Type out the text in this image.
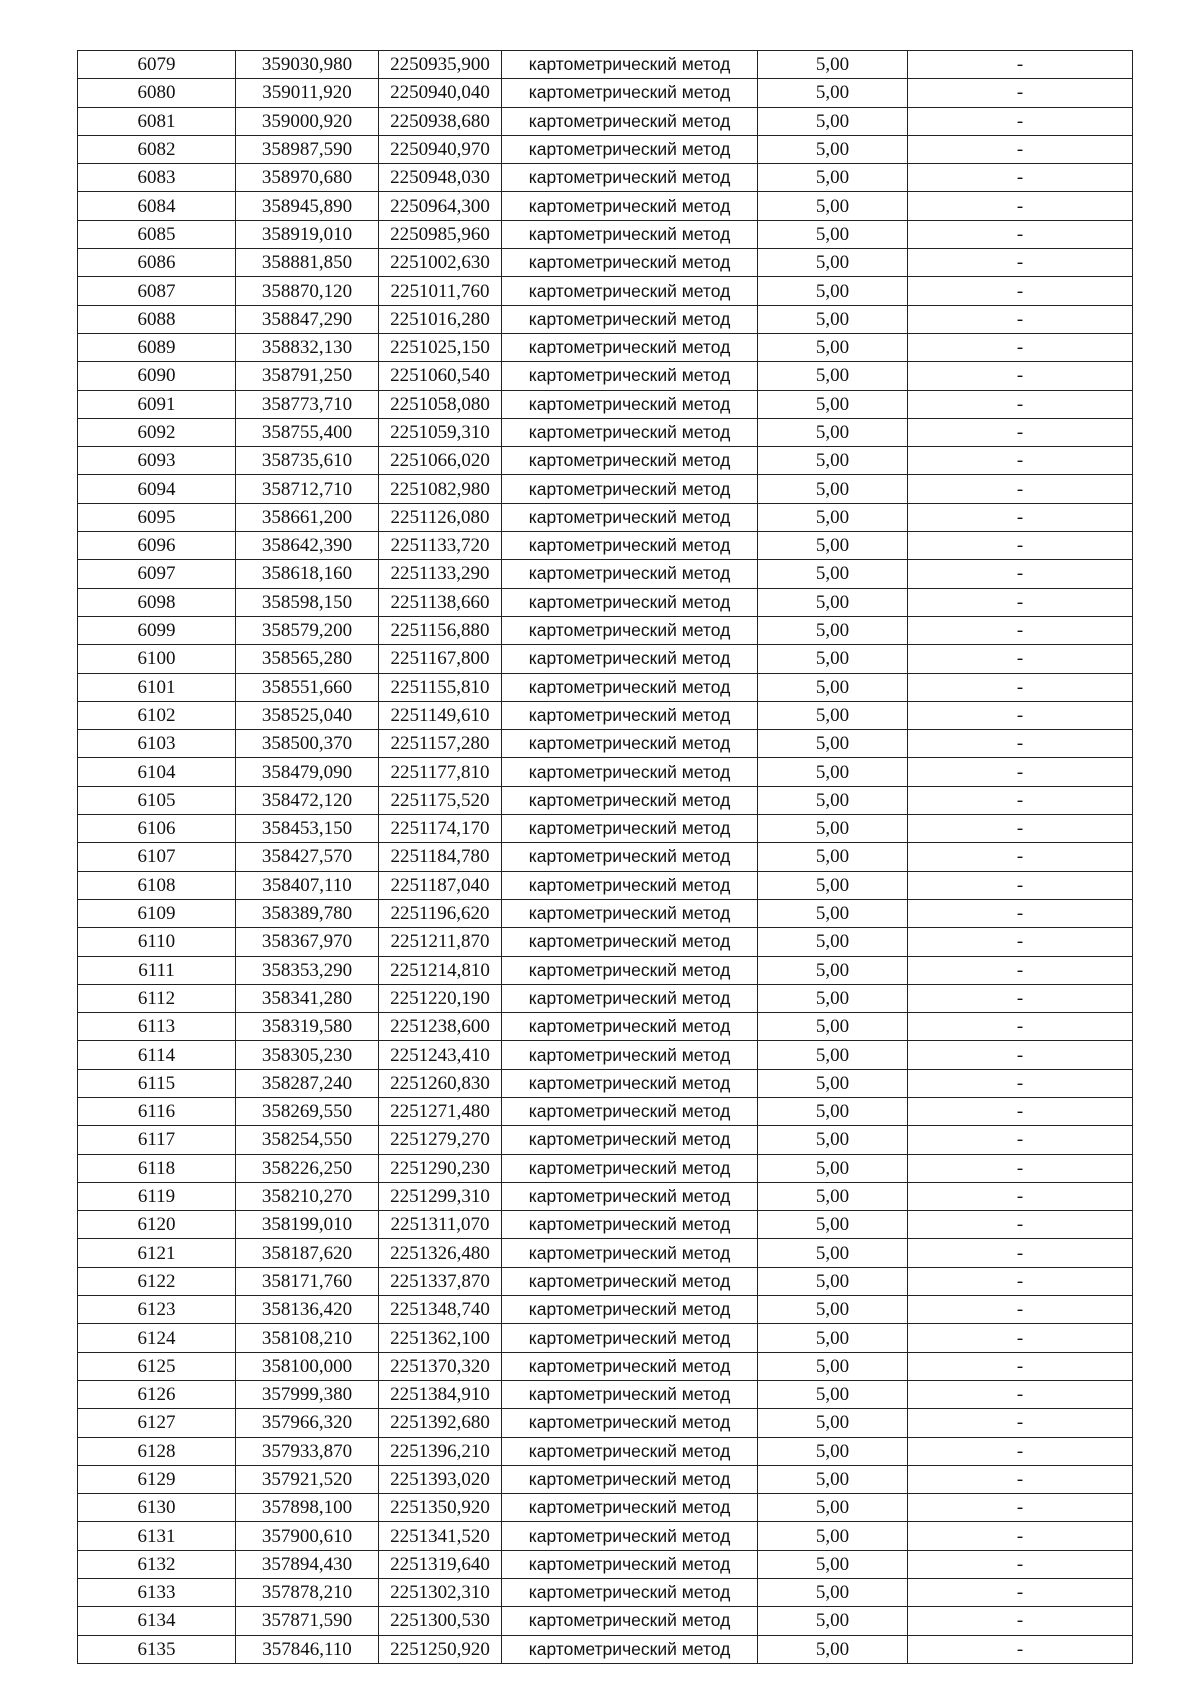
6079	359030,980	2250935,900	картометрический метод	5,00	-
6080	359011,920	2250940,040	картометрический метод	5,00	-
6081	359000,920	2250938,680	картометрический метод	5,00	-
6082	358987,590	2250940,970	картометрический метод	5,00	-
6083	358970,680	2250948,030	картометрический метод	5,00	-
6084	358945,890	2250964,300	картометрический метод	5,00	-
6085	358919,010	2250985,960	картометрический метод	5,00	-
6086	358881,850	2251002,630	картометрический метод	5,00	-
6087	358870,120	2251011,760	картометрический метод	5,00	-
6088	358847,290	2251016,280	картометрический метод	5,00	-
6089	358832,130	2251025,150	картометрический метод	5,00	-
6090	358791,250	2251060,540	картометрический метод	5,00	-
6091	358773,710	2251058,080	картометрический метод	5,00	-
6092	358755,400	2251059,310	картометрический метод	5,00	-
6093	358735,610	2251066,020	картометрический метод	5,00	-
6094	358712,710	2251082,980	картометрический метод	5,00	-
6095	358661,200	2251126,080	картометрический метод	5,00	-
6096	358642,390	2251133,720	картометрический метод	5,00	-
6097	358618,160	2251133,290	картометрический метод	5,00	-
6098	358598,150	2251138,660	картометрический метод	5,00	-
6099	358579,200	2251156,880	картометрический метод	5,00	-
6100	358565,280	2251167,800	картометрический метод	5,00	-
6101	358551,660	2251155,810	картометрический метод	5,00	-
6102	358525,040	2251149,610	картометрический метод	5,00	-
6103	358500,370	2251157,280	картометрический метод	5,00	-
6104	358479,090	2251177,810	картометрический метод	5,00	-
6105	358472,120	2251175,520	картометрический метод	5,00	-
6106	358453,150	2251174,170	картометрический метод	5,00	-
6107	358427,570	2251184,780	картометрический метод	5,00	-
6108	358407,110	2251187,040	картометрический метод	5,00	-
6109	358389,780	2251196,620	картометрический метод	5,00	-
6110	358367,970	2251211,870	картометрический метод	5,00	-
6111	358353,290	2251214,810	картометрический метод	5,00	-
6112	358341,280	2251220,190	картометрический метод	5,00	-
6113	358319,580	2251238,600	картометрический метод	5,00	-
6114	358305,230	2251243,410	картометрический метод	5,00	-
6115	358287,240	2251260,830	картометрический метод	5,00	-
6116	358269,550	2251271,480	картометрический метод	5,00	-
6117	358254,550	2251279,270	картометрический метод	5,00	-
6118	358226,250	2251290,230	картометрический метод	5,00	-
6119	358210,270	2251299,310	картометрический метод	5,00	-
6120	358199,010	2251311,070	картометрический метод	5,00	-
6121	358187,620	2251326,480	картометрический метод	5,00	-
6122	358171,760	2251337,870	картометрический метод	5,00	-
6123	358136,420	2251348,740	картометрический метод	5,00	-
6124	358108,210	2251362,100	картометрический метод	5,00	-
6125	358100,000	2251370,320	картометрический метод	5,00	-
6126	357999,380	2251384,910	картометрический метод	5,00	-
6127	357966,320	2251392,680	картометрический метод	5,00	-
6128	357933,870	2251396,210	картометрический метод	5,00	-
6129	357921,520	2251393,020	картометрический метод	5,00	-
6130	357898,100	2251350,920	картометрический метод	5,00	-
6131	357900,610	2251341,520	картометрический метод	5,00	-
6132	357894,430	2251319,640	картометрический метод	5,00	-
6133	357878,210	2251302,310	картометрический метод	5,00	-
6134	357871,590	2251300,530	картометрический метод	5,00	-
6135	357846,110	2251250,920	картометрический метод	5,00	-
